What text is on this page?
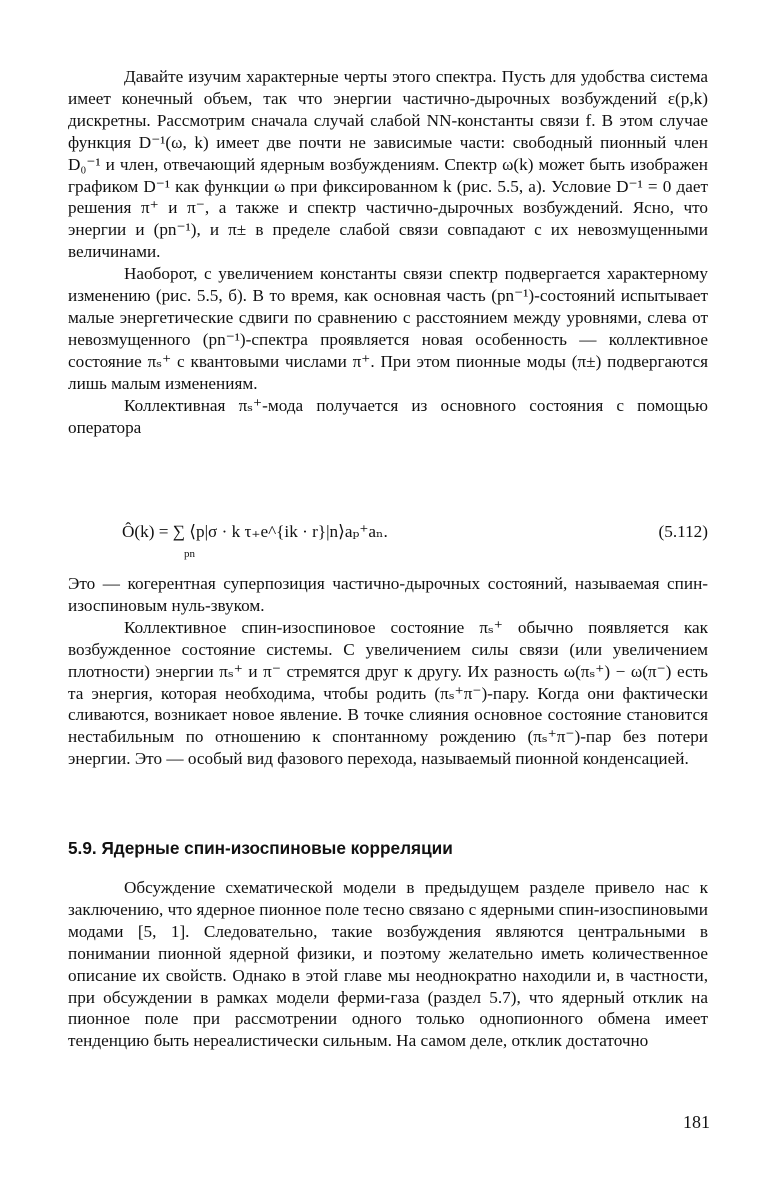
Давайте изучим характерные черты этого спектра. Пусть для удобства система имеет конечный объем, так что энергии частично-дырочных возбуждений ε(p,k) дискретны. Рассмотрим сначала случай слабой NN-константы связи f. В этом случае функция D⁻¹(ω, k) имеет две почти не зависимые части: свободный пионный член D₀⁻¹ и член, отвечающий ядерным возбуждениям. Спектр ω(k) может быть изображен графиком D⁻¹ как функции ω при фиксированном k (рис. 5.5, а). Условие D⁻¹ = 0 дает решения π⁺ и π⁻, а также и спектр частично-дырочных возбуждений. Ясно, что энергии и (pn⁻¹), и π± в пределе слабой связи совпадают с их невозмущенными величинами.

Наоборот, с увеличением константы связи спектр подвергается характерному изменению (рис. 5.5, б). В то время, как основная часть (pn⁻¹)-состояний испытывает малые энергетические сдвиги по сравнению с расстоянием между уровнями, слева от невозмущенного (pn⁻¹)-спектра проявляется новая особенность — коллективное состояние πₛ⁺ с квантовыми числами π⁺. При этом пионные моды (π±) подвергаются лишь малым изменениям.

Коллективная πₛ⁺-мода получается из основного состояния с помощью оператора

Ô(k) = ∑ ⟨p|σ · k τ₊e^{ik · r}|n⟩aₚ⁺aₙ.
pn
(5.112)

Это — когерентная суперпозиция частично-дырочных состояний, называемая спин-изоспиновым нуль-звуком.

Коллективное спин-изоспиновое состояние πₛ⁺ обычно появляется как возбужденное состояние системы. С увеличением силы связи (или увеличением плотности) энергии πₛ⁺ и π⁻ стремятся друг к другу. Их разность ω(πₛ⁺) − ω(π⁻) есть та энергия, которая необходима, чтобы родить (πₛ⁺π⁻)-пару. Когда они фактически сливаются, возникает новое явление. В точке слияния основное состояние становится нестабильным по отношению к спонтанному рождению (πₛ⁺π⁻)-пар без потери энергии. Это — особый вид фазового перехода, называемый пионной конденсацией.

5.9. Ядерные спин-изоспиновые корреляции

Обсуждение схематической модели в предыдущем разделе привело нас к заключению, что ядерное пионное поле тесно связано с ядерными спин-изоспиновыми модами [5, 1]. Следовательно, такие возбуждения являются центральными в понимании пионной ядерной физики, и поэтому желательно иметь количественное описание их свойств. Однако в этой главе мы неоднократно находили и, в частности, при обсуждении в рамках модели ферми-газа (раздел 5.7), что ядерный отклик на пионное поле при рассмотрении одного только однопионного обмена имеет тенденцию быть нереалистически сильным. На самом деле, отклик достаточно

181
